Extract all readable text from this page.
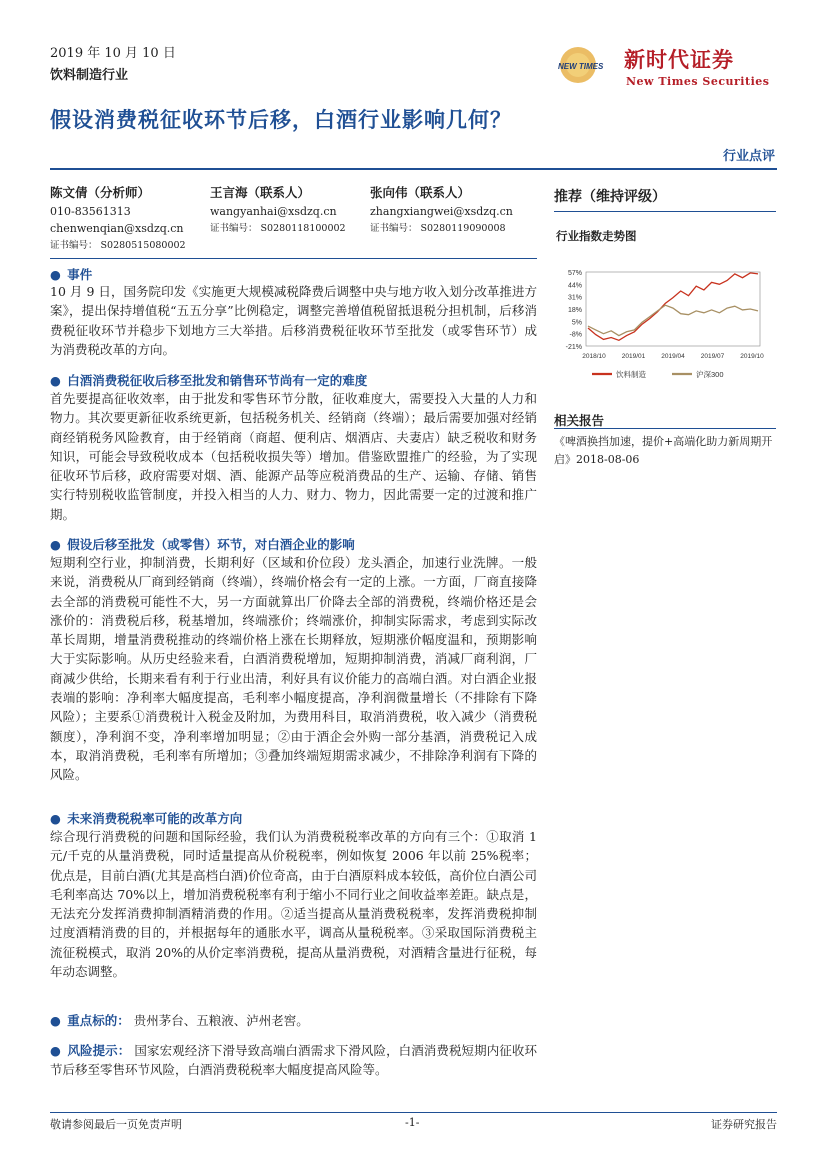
2019 年 10 月 10 日
饮料制造行业
NEW TIMES 新时代证券
New Times Securities
假设消费税征收环节后移，白酒行业影响几何？
行业点评
陈文倩（分析师）
010-83561313
chenwenqian@xsdzq.cn
证书编号： S0280515080002
王言海（联系人）
wangyanhai@xsdzq.cn
证书编号： S0280118100002
张向伟（联系人）
zhangxiangwei@xsdzq.cn
证书编号： S0280119090008
● 事件
10 月 9 日，国务院印发《实施更大规模减税降费后调整中央与地方收入划分改革推进方案》，提出保持增值税“五五分享”比例稳定，调整完善增值税留抵退税分担机制，后移消费税征收环节并稳步下划地方三大举措。后移消费税征收环节至批发（或零售环节）成为消费税改革的方向。
● 白酒消费税征收后移至批发和销售环节尚有一定的难度
首先要提高征收效率，由于批发和零售环节分散，征收难度大，需要投入大量的人力和物力。其次要更新征收系统更新，包括税务机关、经销商（终端）；最后需要加强对经销商经销税务风险教育，由于经销商（商超、便利店、烟酒店、夫妻店）缺乏税收和财务知识，可能会导致税收成本（包括税收损失等）增加。借鉴欧盟推广的经验，为了实现征收环节后移，政府需要对烟、酒、能源产品等应税消费品的生产、运输、存储、销售实行特别税收监管制度，并投入相当的人力、财力、物力，因此需要一定的过渡和推广期。
● 假设后移至批发（或零售）环节，对白酒企业的影响
短期利空行业，抑制消费，长期利好（区域和价位段）龙头酒企，加速行业洗牌。一般来说，消费税从厂商到经销商（终端），终端价格会有一定的上涨。一方面，厂商直接降去全部的消费税可能性不大，另一方面就算出厂价降去全部的消费税，终端价格还是会涨价的：消费税后移，税基增加，终端涨价；终端涨价，抑制实际需求，考虑到实际改革长周期，增量消费税推动的终端价格上涨在长期释放，短期涨价幅度温和，预期影响大于实际影响。从历史经验来看，白酒消费税增加，短期抑制消费，消减厂商利润，厂商减少供给，长期来看有利于行业出清，利好具有议价能力的高端白酒。对白酒企业报表端的影响：净利率大幅度提高，毛利率小幅度提高，净利润微量增长（不排除有下降风险）；主要系①消费税计入税金及附加，为费用科目，取消消费税，收入减少（消费税额度），净利润不变，净利率增加明显；②由于酒企会外购一部分基酒，消费税记入成本，取消消费税，毛利率有所增加；③叠加终端短期需求减少，不排除净利润有下降的风险。
● 未来消费税税率可能的改革方向
综合现行消费税的问题和国际经验，我们认为消费税税率改革的方向有三个：①取消 1 元/千克的从量消费税，同时适量提高从价税税率，例如恢复 2006 年以前 25%税率；优点是，目前白酒(尤其是高档白酒)价位奇高，由于白酒原料成本较低，高价位白酒公司毛利率高达 70%以上，增加消费税税率有利于缩小不同行业之间收益率差距。缺点是，无法充分发挥消费抑制酒精消费的作用。②适当提高从量消费税税率，发挥消费税抑制过度酒精消费的目的，并根据每年的通胀水平，调高从量税税率。③采取国际消费税主流征税模式，取消 20%的从价定率消费税，提高从量消费税，对酒精含量进行征税，每年动态调整。
● 重点标的： 贵州茅台、五粮液、泸州老窖。
● 风险提示： 国家宏观经济下滑导致高端白酒需求下滑风险，白酒消费税短期内征收环节后移至零售环节风险，白酒消费税税率大幅度提高风险等。
推荐（维持评级）
行业指数走势图
57%
44%
31%
18%
5%
-8%
-21%
2018/10 2019/01 2019/04 2019/07 2019/10
饮料制造	沪深300
相关报告
《啤酒换挡加速，提价+高端化助力新周期开启》2018-08-06
敬请参阅最后一页免责声明	-1-	证券研究报告
